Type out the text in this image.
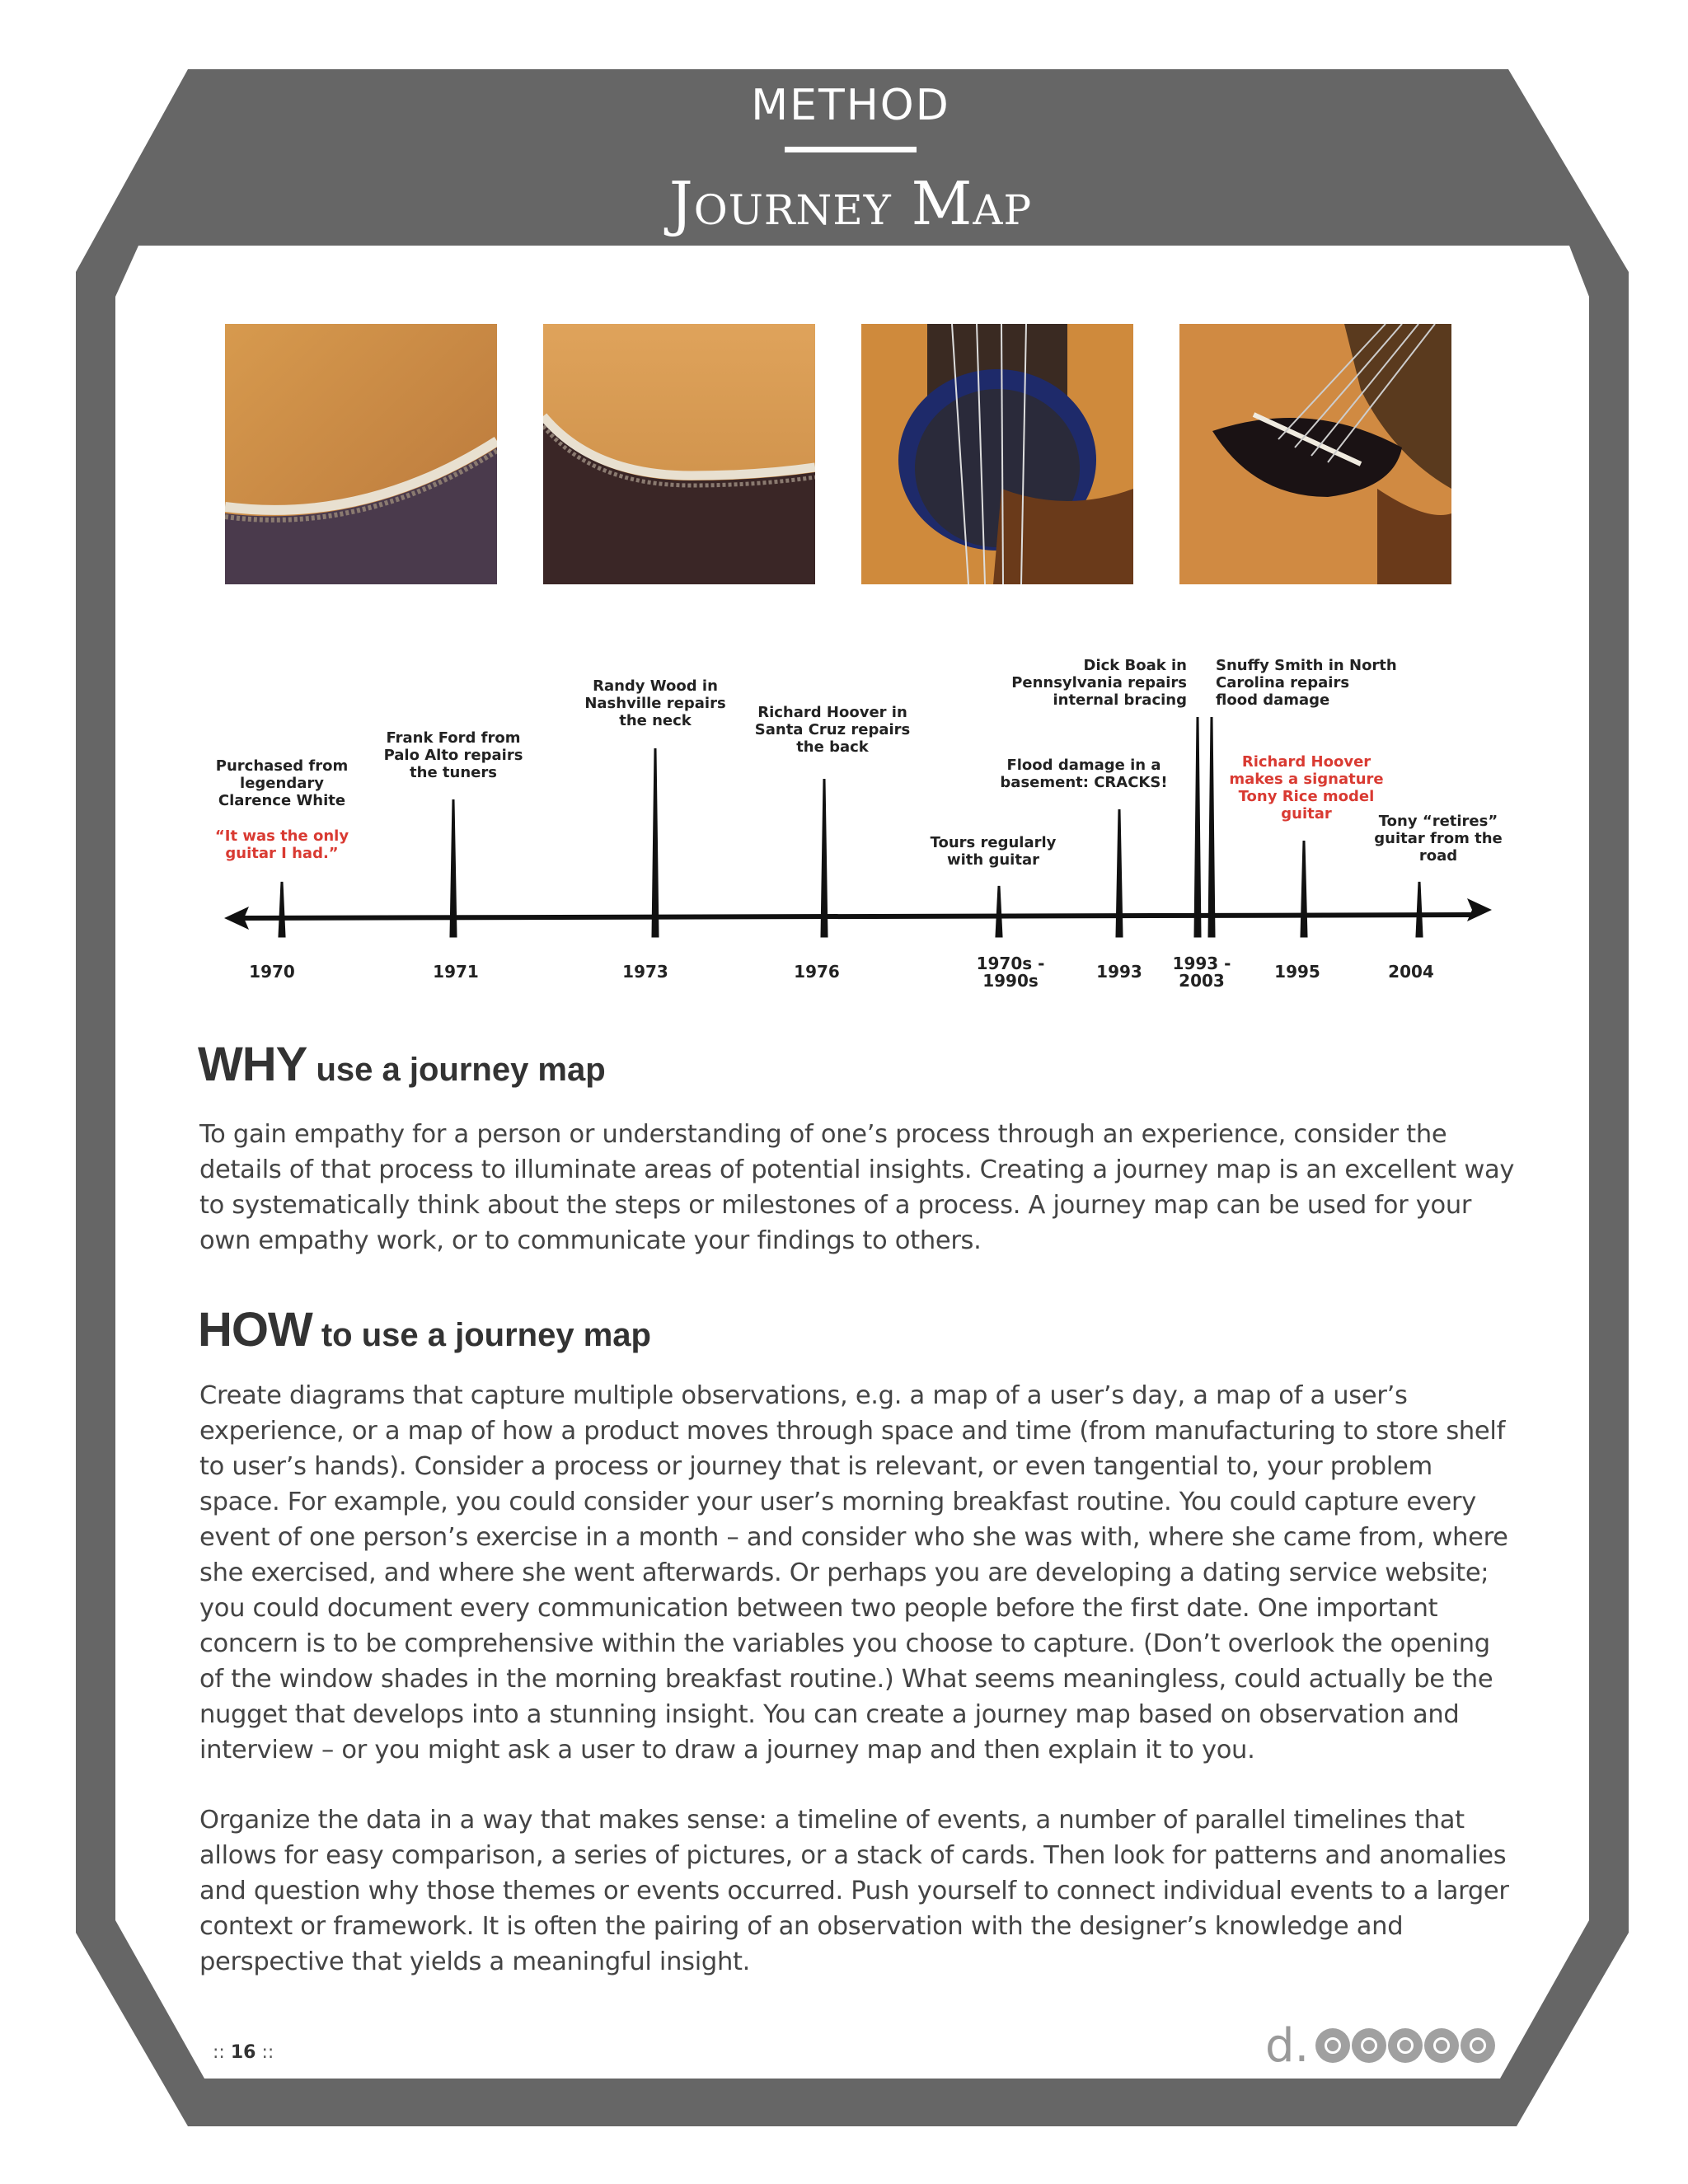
METHOD
Journey Map
Purchased from
legendary
Clarence White
“It was the only
guitar I had.”
1970
Frank Ford from
Palo Alto repairs
the tuners
1971
Randy Wood in
Nashville repairs
the neck
1973
Richard Hoover in
Santa Cruz repairs
the back
1976
Tours regularly
with guitar
1970s -
1990s
Flood damage in a
basement: CRACKS!
1993
Dick Boak in
Pennsylvania repairs
internal bracing
Snuffy Smith in North
Carolina repairs
flood damage
1993 -
2003
Richard Hoover
makes a signature
Tony Rice model
guitar
1995
Tony “retires”
guitar from the
road
2004
WHY use a journey map

To gain empathy for a person or understanding of one’s process through an experience, consider the details of that process to illuminate areas of potential insights. Creating a journey map is an excellent way to systematically think about the steps or milestones of a process. A journey map can be used for your own empathy work, or to communicate your findings to others.

HOW to use a journey map

Create diagrams that capture multiple observations, e.g. a map of a user’s day, a map of a user’s experience, or a map of how a product moves through space and time (from manufacturing to store shelf to user’s hands). Consider a process or journey that is relevant, or even tangential to, your problem space. For example, you could consider your user’s morning breakfast routine. You could capture every event of one person’s exercise in a month – and consider who she was with, where she came from, where she exercised, and where she went afterwards. Or perhaps you are developing a dating service website; you could document every communication between two people before the first date. One important concern is to be comprehensive within the variables you choose to capture. (Don’t overlook the opening of the window shades in the morning breakfast routine.) What seems meaningless, could actually be the nugget that develops into a stunning insight. You can create a journey map based on observation and interview – or you might ask a user to draw a journey map and then explain it to you.

Organize the data in a way that makes sense: a timeline of events, a number of parallel timelines that allows for easy comparison, a series of pictures, or a stack of cards. Then look for patterns and anomalies and question why those themes or events occurred. Push yourself to connect individual events to a larger context or framework. It is often the pairing of an observation with the designer’s knowledge and perspective that yields a meaningful insight.

:: 16 ::	d.
